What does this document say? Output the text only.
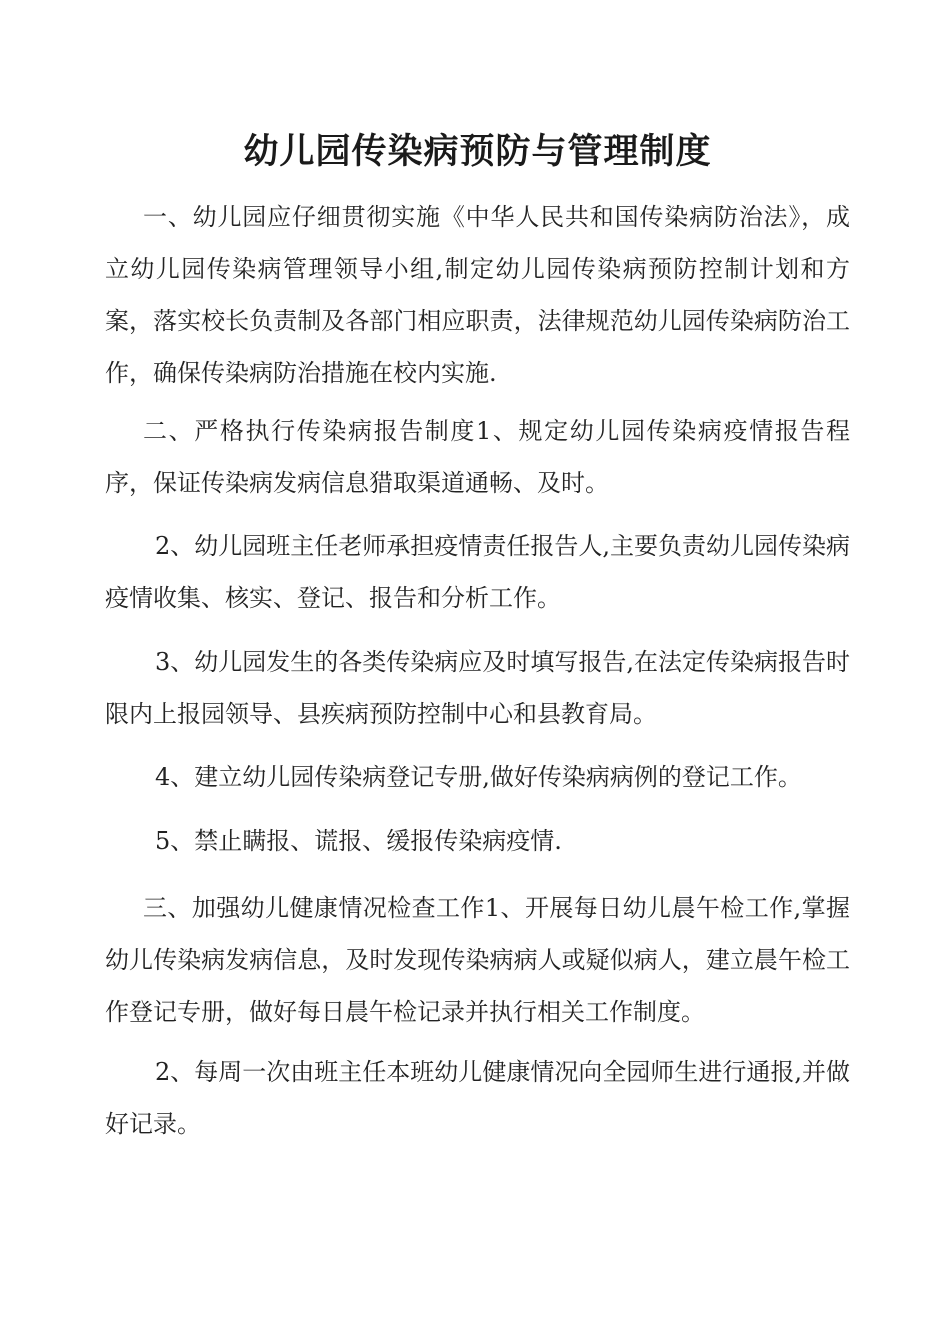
幼儿园传染病预防与管理制度

一、幼儿园应仔细贯彻实施《中华人民共和国传染病防治法》，成立幼儿园传染病管理领导小组,制定幼儿园传染病预防控制计划和方案，落实校长负责制及各部门相应职责，法律规范幼儿园传染病防治工作，确保传染病防治措施在校内实施.

二、严格执行传染病报告制度1、规定幼儿园传染病疫情报告程序，保证传染病发病信息猎取渠道通畅、及时。

2、幼儿园班主任老师承担疫情责任报告人,主要负责幼儿园传染病疫情收集、核实、登记、报告和分析工作。

3、幼儿园发生的各类传染病应及时填写报告,在法定传染病报告时限内上报园领导、县疾病预防控制中心和县教育局。

4、建立幼儿园传染病登记专册,做好传染病病例的登记工作。

5、禁止瞒报、谎报、缓报传染病疫情.

三、加强幼儿健康情况检查工作1、开展每日幼儿晨午检工作,掌握幼儿传染病发病信息，及时发现传染病病人或疑似病人，建立晨午检工作登记专册，做好每日晨午检记录并执行相关工作制度。

2、每周一次由班主任本班幼儿健康情况向全园师生进行通报,并做好记录。
